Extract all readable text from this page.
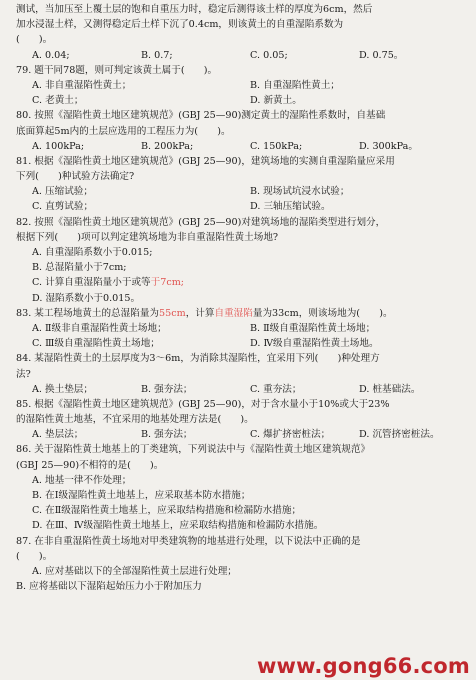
测试，当加压至上覆土层的饱和自重压力时，稳定后测得该土样的厚度为6cm，然后
加水浸湿土样，又测得稳定后土样下沉了0.4cm，则该黄土的自重湿陷系数为
(　　)。
A. 0.04;	B. 0.7;	C. 0.05;	D. 0.75。
79. 题干同78题，则可判定该黄土属于(　　)。
A. 非自重湿陷性黄土；	B. 自重湿陷性黄土；
C. 老黄土；	D. 新黄土。
80. 按照《湿陷性黄土地区建筑规范》(GBJ 25—90)测定黄土的湿陷性系数时，自基础
底面算起5m内的土层应选用的工程压力为(　　)。
A. 100kPa;	B. 200kPa;	C. 150kPa;	D. 300kPa。
81. 根据《湿陷性黄土地区建筑规范》(GBJ 25—90)，建筑场地的实测自重湿陷量应采用
下列(　　)种试验方法确定?
A. 压缩试验；	B. 现场试坑浸水试验；
C. 直剪试验；	D. 三轴压缩试验。
82. 按照《湿陷性黄土地区建筑规范》(GBJ 25—90)对建筑场地的湿陷类型进行划分，
根据下列(　　)项可以判定建筑场地为非自重湿陷性黄土场地?
A. 自重湿陷系数小于0.015;
B. 总湿陷量小于7cm;
C. 计算自重湿陷量小于或等于7cm;
D. 湿陷系数小于0.015。
83. 某工程场地黄土的总湿陷量为55cm，计算自重湿陷量为33cm，则该场地为(　　)。
A. Ⅱ级非自重湿陷性黄土场地；	B. Ⅱ级自重湿陷性黄土场地；
C. Ⅲ级自重湿陷性黄土场地；	D. Ⅳ级自重湿陷性黄土场地。
84. 某湿陷性黄土的土层厚度为3～6m，为消除其湿陷性，宜采用下列(　　)种处理方
法?
A. 换土垫层；	B. 强夯法；	C. 重夯法；	D. 桩基础法。
85. 根据《湿陷性黄土地区建筑规范》(GBJ 25—90)，对于含水量小于10%或大于23%
的湿陷性黄土地基，不宜采用的地基处理方法是(　　)。
A. 垫层法；	B. 强夯法；	C. 爆扩挤密桩法；	D. 沉管挤密桩法。
86. 关于湿陷性黄土地基上的丁类建筑，下列说法中与《湿陷性黄土地区建筑规范》
(GBJ 25—90)不相符的是(　　)。
A. 地基一律不作处理；
B. 在Ⅰ级湿陷性黄土地基上，应采取基本防水措施；
C. 在Ⅱ级湿陷性黄土地基上，应采取结构措施和检漏防水措施；
D. 在Ⅲ、Ⅳ级湿陷性黄土地基上，应采取结构措施和检漏防水措施。
87. 在非自重湿陷性黄土场地对甲类建筑物的地基进行处理，以下说法中正确的是
(　　)。
A. 应对基础以下的全部湿陷性黄土层进行处理；
B. 应将基础以下湿陷起始压力小于附加压力
www.gong66.com
